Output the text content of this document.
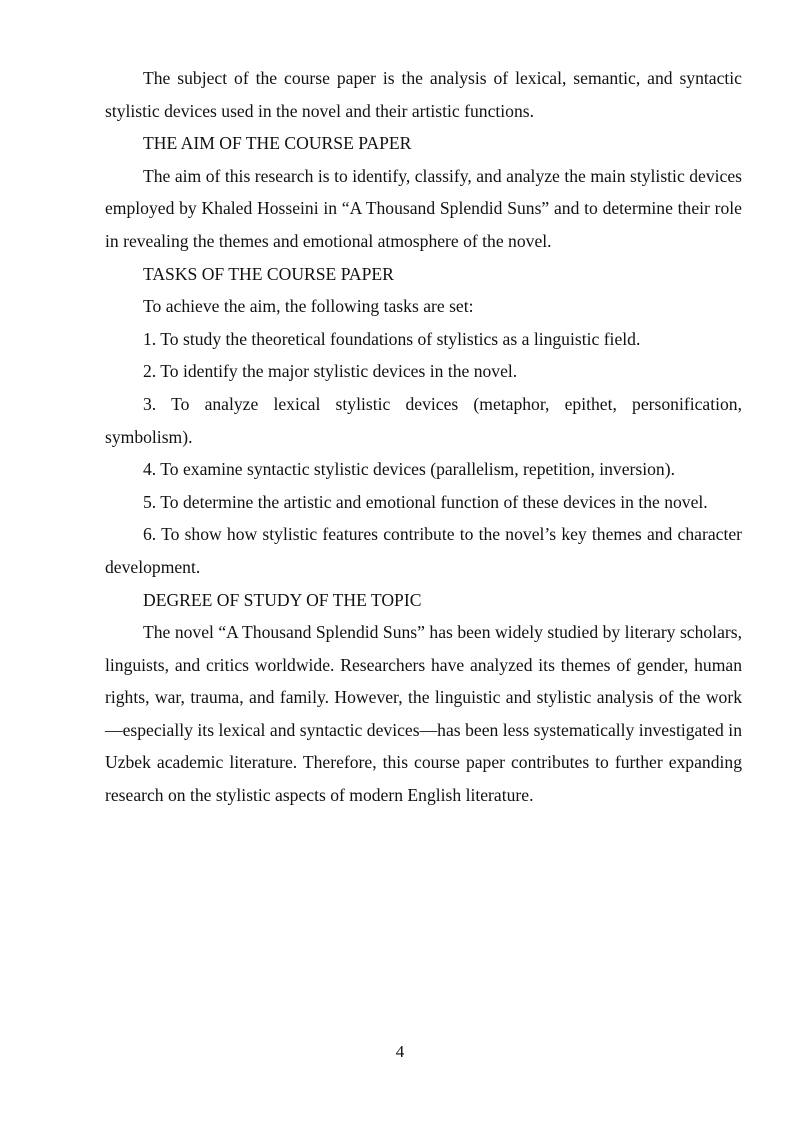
The subject of the course paper is the analysis of lexical, semantic, and syntactic stylistic devices used in the novel and their artistic functions.

THE AIM OF THE COURSE PAPER

The aim of this research is to identify, classify, and analyze the main stylistic devices employed by Khaled Hosseini in “A Thousand Splendid Suns” and to determine their role in revealing the themes and emotional atmosphere of the novel.

TASKS OF THE COURSE PAPER

To achieve the aim, the following tasks are set:

1. To study the theoretical foundations of stylistics as a linguistic field.

2. To identify the major stylistic devices in the novel.

3. To analyze lexical stylistic devices (metaphor, epithet, personification, symbolism).

4. To examine syntactic stylistic devices (parallelism, repetition, inversion).

5. To determine the artistic and emotional function of these devices in the novel.

6. To show how stylistic features contribute to the novel’s key themes and character development.

DEGREE OF STUDY OF THE TOPIC

The novel “A Thousand Splendid Suns” has been widely studied by literary scholars, linguists, and critics worldwide. Researchers have analyzed its themes of gender, human rights, war, trauma, and family. However, the linguistic and stylistic analysis of the work—especially its lexical and syntactic devices—has been less systematically investigated in Uzbek academic literature. Therefore, this course paper contributes to further expanding research on the stylistic aspects of modern English literature.

4
